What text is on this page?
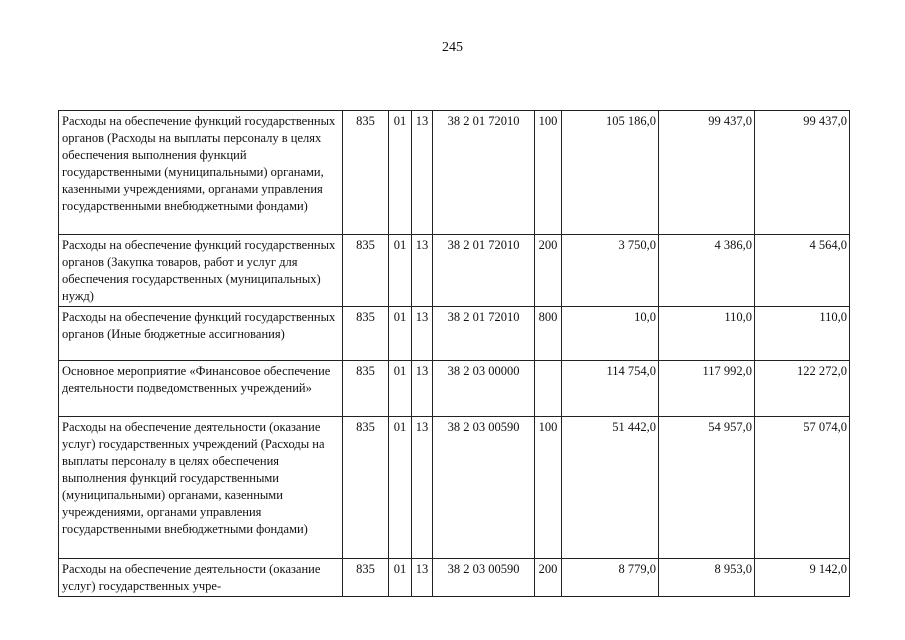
245
Расходы на обеспечение функций государственных органов (Расходы на выплаты персоналу в целях обеспечения выполнения функций государственными (муниципальными) органами, казенными учреждениями, органами управления государственными внебюджетными фондами)	835	01	13	38 2 01 72010	100	105 186,0	99 437,0	99 437,0
Расходы на обеспечение функций государственных органов (Закупка товаров, работ и услуг для обеспечения государственных (муниципальных) нужд)	835	01	13	38 2 01 72010	200	3 750,0	4 386,0	4 564,0
Расходы на обеспечение функций государственных органов (Иные бюджетные ассигнования)	835	01	13	38 2 01 72010	800	10,0	110,0	110,0
Основное мероприятие «Финансовое обеспечение деятельности подведомственных учреждений»	835	01	13	38 2 03 00000		114 754,0	117 992,0	122 272,0
Расходы на обеспечение деятельности (оказание услуг) государственных учреждений (Расходы на выплаты персоналу в целях обеспечения выполнения функций государственными (муниципальными) органами, казенными учреждениями, органами управления государственными внебюджетными фондами)	835	01	13	38 2 03 00590	100	51 442,0	54 957,0	57 074,0
Расходы на обеспечение деятельности (оказание услуг) государственных учре-	835	01	13	38 2 03 00590	200	8 779,0	8 953,0	9 142,0
